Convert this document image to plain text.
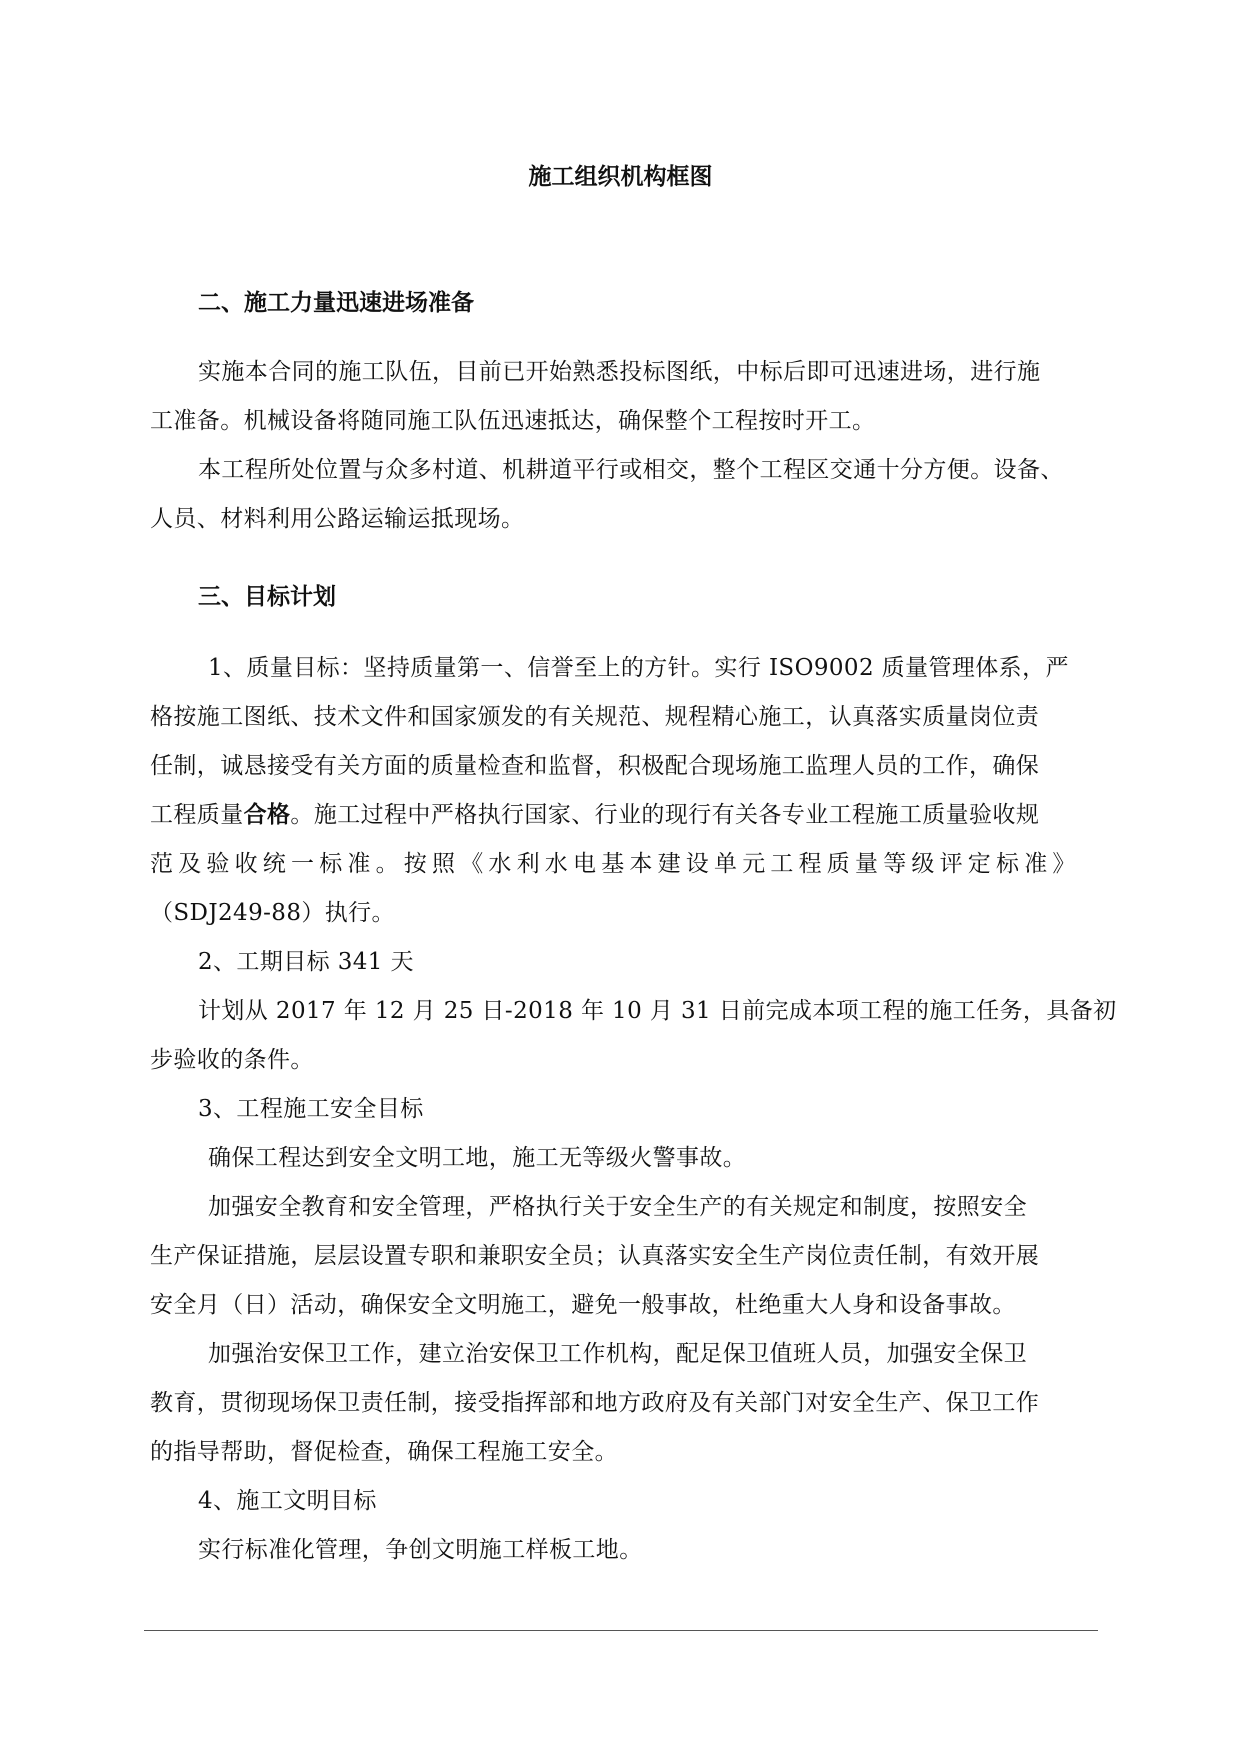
施工组织机构框图
二、施工力量迅速进场准备
实施本合同的施工队伍，目前已开始熟悉投标图纸，中标后即可迅速进场，进行施
工准备。机械设备将随同施工队伍迅速抵达，确保整个工程按时开工。
本工程所处位置与众多村道、机耕道平行或相交，整个工程区交通十分方便。设备、
人员、材料利用公路运输运抵现场。
三、目标计划
1、质量目标：坚持质量第一、信誉至上的方针。实行 ISO9002 质量管理体系，严
格按施工图纸、技术文件和国家颁发的有关规范、规程精心施工，认真落实质量岗位责
任制，诚恳接受有关方面的质量检查和监督，积极配合现场施工监理人员的工作，确保
工程质量合格。施工过程中严格执行国家、行业的现行有关各专业工程施工质量验收规
范及验收统一标准。按照《水利水电基本建设单元工程质量等级评定标准》
（SDJ249-88）执行。
2、工期目标 341 天
计划从 2017 年 12 月 25 日-2018 年 10 月 31 日前完成本项工程的施工任务，具备初
步验收的条件。
3、工程施工安全目标
确保工程达到安全文明工地，施工无等级火警事故。
加强安全教育和安全管理，严格执行关于安全生产的有关规定和制度，按照安全
生产保证措施，层层设置专职和兼职安全员；认真落实安全生产岗位责任制，有效开展
安全月（日）活动，确保安全文明施工，避免一般事故，杜绝重大人身和设备事故。
加强治安保卫工作，建立治安保卫工作机构，配足保卫值班人员，加强安全保卫
教育，贯彻现场保卫责任制，接受指挥部和地方政府及有关部门对安全生产、保卫工作
的指导帮助，督促检查，确保工程施工安全。
4、施工文明目标
实行标准化管理，争创文明施工样板工地。
